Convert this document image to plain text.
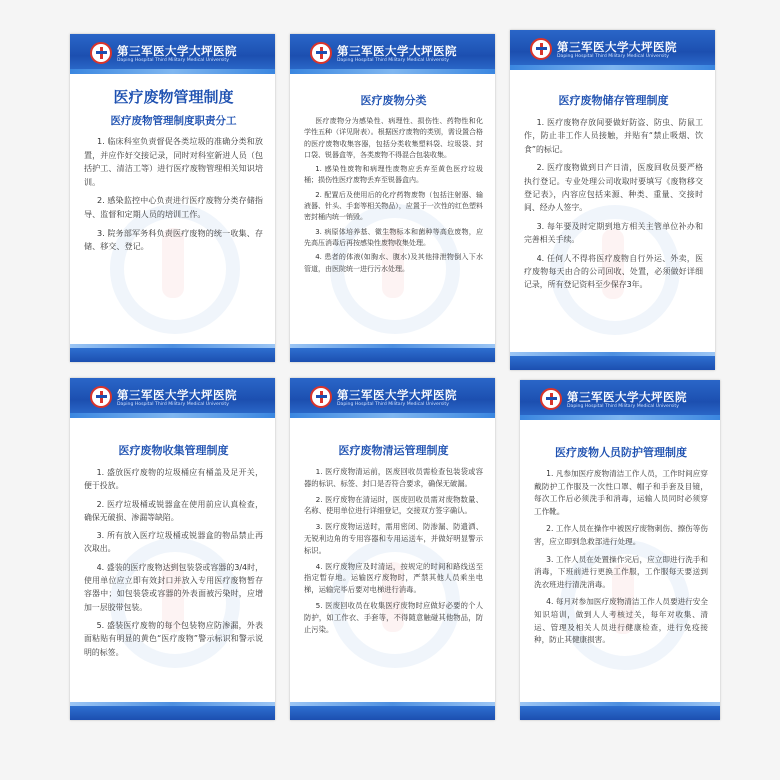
第三军医大学大坪医院
Daping Hospital Third Military Medical University
医疗废物管理制度
医疗废物管理制度职责分工

1. 临床科室负责督促各类垃圾的准确分类和放置，并应作好交接记录，同时对科室新进人员（包括护工、清洁工等）进行医疗废物管理相关知识培训。

2. 感染监控中心负责进行医疗废物分类存储指导、监督和定期人员的培训工作。

3. 院务部军务科负责医疗废物的统一收集、存储、移交、登记。

第三军医大学大坪医院
Daping Hospital Third Military Medical University
医疗废物分类

医疗废物分为感染性、病理性、损伤性、药物性和化学性五种（详见附表）。根据医疗废物的类别，需设置合格的医疗废物收集容器，包括分类收集塑料袋、垃圾袋、封口袋、锐器盒等，各类废物不得混合包装收集。

1. 感染性废物和病理性废物应丢弃至黄色医疗垃圾桶；损伤性医疗废物丢弃至锐器盒内。

2. 配置后及使用后的化疗药物废物（包括注射器、输液器、针头、手套等相关物品），应置于一次性的红色塑料密封桶内统一销毁。

3. 病原体培养基、微生物标本和菌种等高危废物，应先高压消毒后再按感染性废物收集处理。

4. 患者的体液(如胸水、腹水)及其他排泄物倒入下水管道，由医院统一进行污水处理。

第三军医大学大坪医院
Daping Hospital Third Military Medical University
医疗废物储存管理制度

1. 医疗废物存放间要做好防盗、防虫、防鼠工作，防止非工作人员接触，并贴有“禁止吸烟、饮食”的标记。

2. 医疗废物做到日产日清，医废回收员要严格执行登记。专业处理公司收取时要填写《废物移交登记表》，内容应包括来源、种类、重量、交接时间、经办人签字。

3. 每年要及时定期到地方相关主管单位补办和完善相关手续。

4. 任何人不得将医疗废物自行外运、外卖，医疗废物每天由合的公司回收、处置，必须做好详细记录，所有登记资料至少保存3年。

第三军医大学大坪医院
Daping Hospital Third Military Medical University
医疗废物收集管理制度

1. 盛放医疗废物的垃圾桶应有桶盖及足开关，便于投放。

2. 医疗垃圾桶或锐器盒在使用前应认真检查，确保无破损、渗漏等缺陷。

3. 所有放入医疗垃圾桶或锐器盒的物品禁止再次取出。

4. 盛装的医疗废物达到包装袋或容器的3/4时，使用单位应立即有效封口并放入专用医疗废物暂存容器中；如包装袋或容器的外表面被污染时，应增加一层胶带包装。

5. 盛装医疗废物的每个包装物应防渗漏，外表面粘贴有明显的黄色“医疗废物”警示标识和警示说明的标签。

第三军医大学大坪医院
Daping Hospital Third Military Medical University
医疗废物清运管理制度

1. 医疗废物清运前，医废回收员需检查包装袋或容器的标识、标签、封口是否符合要求，确保无破漏。

2. 医疗废物在清运时，医废回收员需对废物数量、名称、使用单位进行详细登记，交接双方签字确认。

3. 医疗废物运送时，需用密闭、防渗漏、防遗洒、无锐利边角的专用容器和专用运送车，并做好明显警示标识。

4. 医疗废物应及时清运，按规定的时间和路线送至指定暂存地。运输医疗废物时，严禁其他人员乘坐电梯，运输完毕后要对电梯进行消毒。

5. 医废回收员在收集医疗废物时应做好必要的个人防护，如工作衣、手套等，不得随意触碰其他物品，防止污染。

第三军医大学大坪医院
Daping Hospital Third Military Medical University
医疗废物人员防护管理制度

1. 凡参加医疗废物清洁工作人员，工作时间应穿戴防护工作服及一次性口罩、帽子和手套及目镜，每次工作后必须洗手和消毒，运输人员同时必须穿工作靴。

2. 工作人员在操作中被医疗废物刺伤、擦伤等伤害，应立即到急救部进行处理。

3. 工作人员在处置操作完后，应立即进行洗手和消毒，下班前进行更换工作服，工作服每天要送到洗衣班进行清洗消毒。

4. 每月对参加医疗废物清洁工作人员要进行安全知识培训，做到人人考核过关，每年对收集、清运、管理及相关人员进行健康检查，进行免疫接种，防止其健康损害。
